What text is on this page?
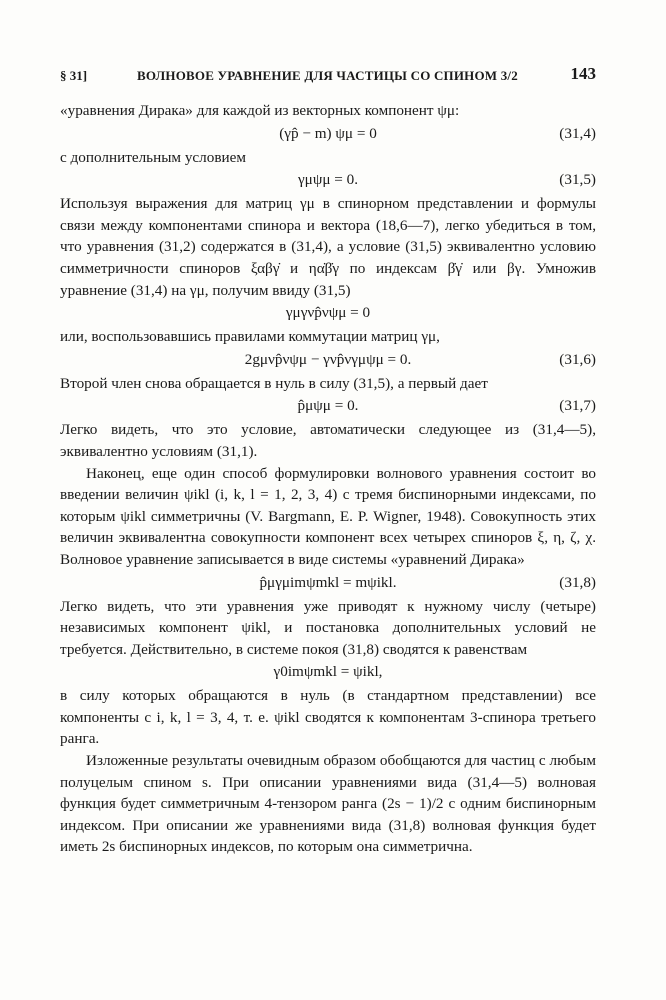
§ 31]	ВОЛНОВОЕ УРАВНЕНИЕ ДЛЯ ЧАСТИЦЫ СО СПИНОМ 3/2	143

«уравнения Дирака» для каждой из векторных компонент ψμ:

(γp̂ − m) ψμ = 0	(31,4)

с дополнительным условием

γμψμ = 0.	(31,5)

Используя выражения для матриц γμ в спинорном представлении и формулы связи между компонентами спинора и вектора (18,6—7), легко убедиться в том, что уравнения (31,2) содержатся в (31,4), а условие (31,5) эквивалентно условию симметричности спиноров ξαβγ̇ и ηα̇β̇γ по индексам β̇γ̇ или βγ. Умножив уравнение (31,4) на γμ, получим ввиду (31,5)

γμγνp̂νψμ = 0

или, воспользовавшись правилами коммутации матриц γμ,

2gμνp̂νψμ − γνp̂νγμψμ = 0.	(31,6)

Второй член снова обращается в нуль в силу (31,5), а первый дает

p̂μψμ = 0.	(31,7)

Легко видеть, что это условие, автоматически следующее из (31,4—5), эквивалентно условиям (31,1).

Наконец, еще один способ формулировки волнового уравнения состоит во введении величин ψikl (i, k, l = 1, 2, 3, 4) с тремя биспинорными индексами, по которым ψikl симметричны (V. Bargmann, E. P. Wigner, 1948). Совокупность этих величин эквивалентна совокупности компонент всех четырех спиноров ξ, η, ζ, χ. Волновое уравнение записывается в виде системы «уравнений Дирака»

p̂μγμimψmkl = mψikl.	(31,8)

Легко видеть, что эти уравнения уже приводят к нужному числу (четыре) независимых компонент ψikl, и постановка дополнительных условий не требуется. Действительно, в системе покоя (31,8) сводятся к равенствам

γ0imψmkl = ψikl,

в силу которых обращаются в нуль (в стандартном представлении) все компоненты с i, k, l = 3, 4, т. е. ψikl сводятся к компонентам 3-спинора третьего ранга.

Изложенные результаты очевидным образом обобщаются для частиц с любым полуцелым спином s. При описании уравнениями вида (31,4—5) волновая функция будет симметричным 4-тензором ранга (2s − 1)/2 с одним биспинорным индексом. При описании же уравнениями вида (31,8) волновая функция будет иметь 2s биспинорных индексов, по которым она симметрична.
